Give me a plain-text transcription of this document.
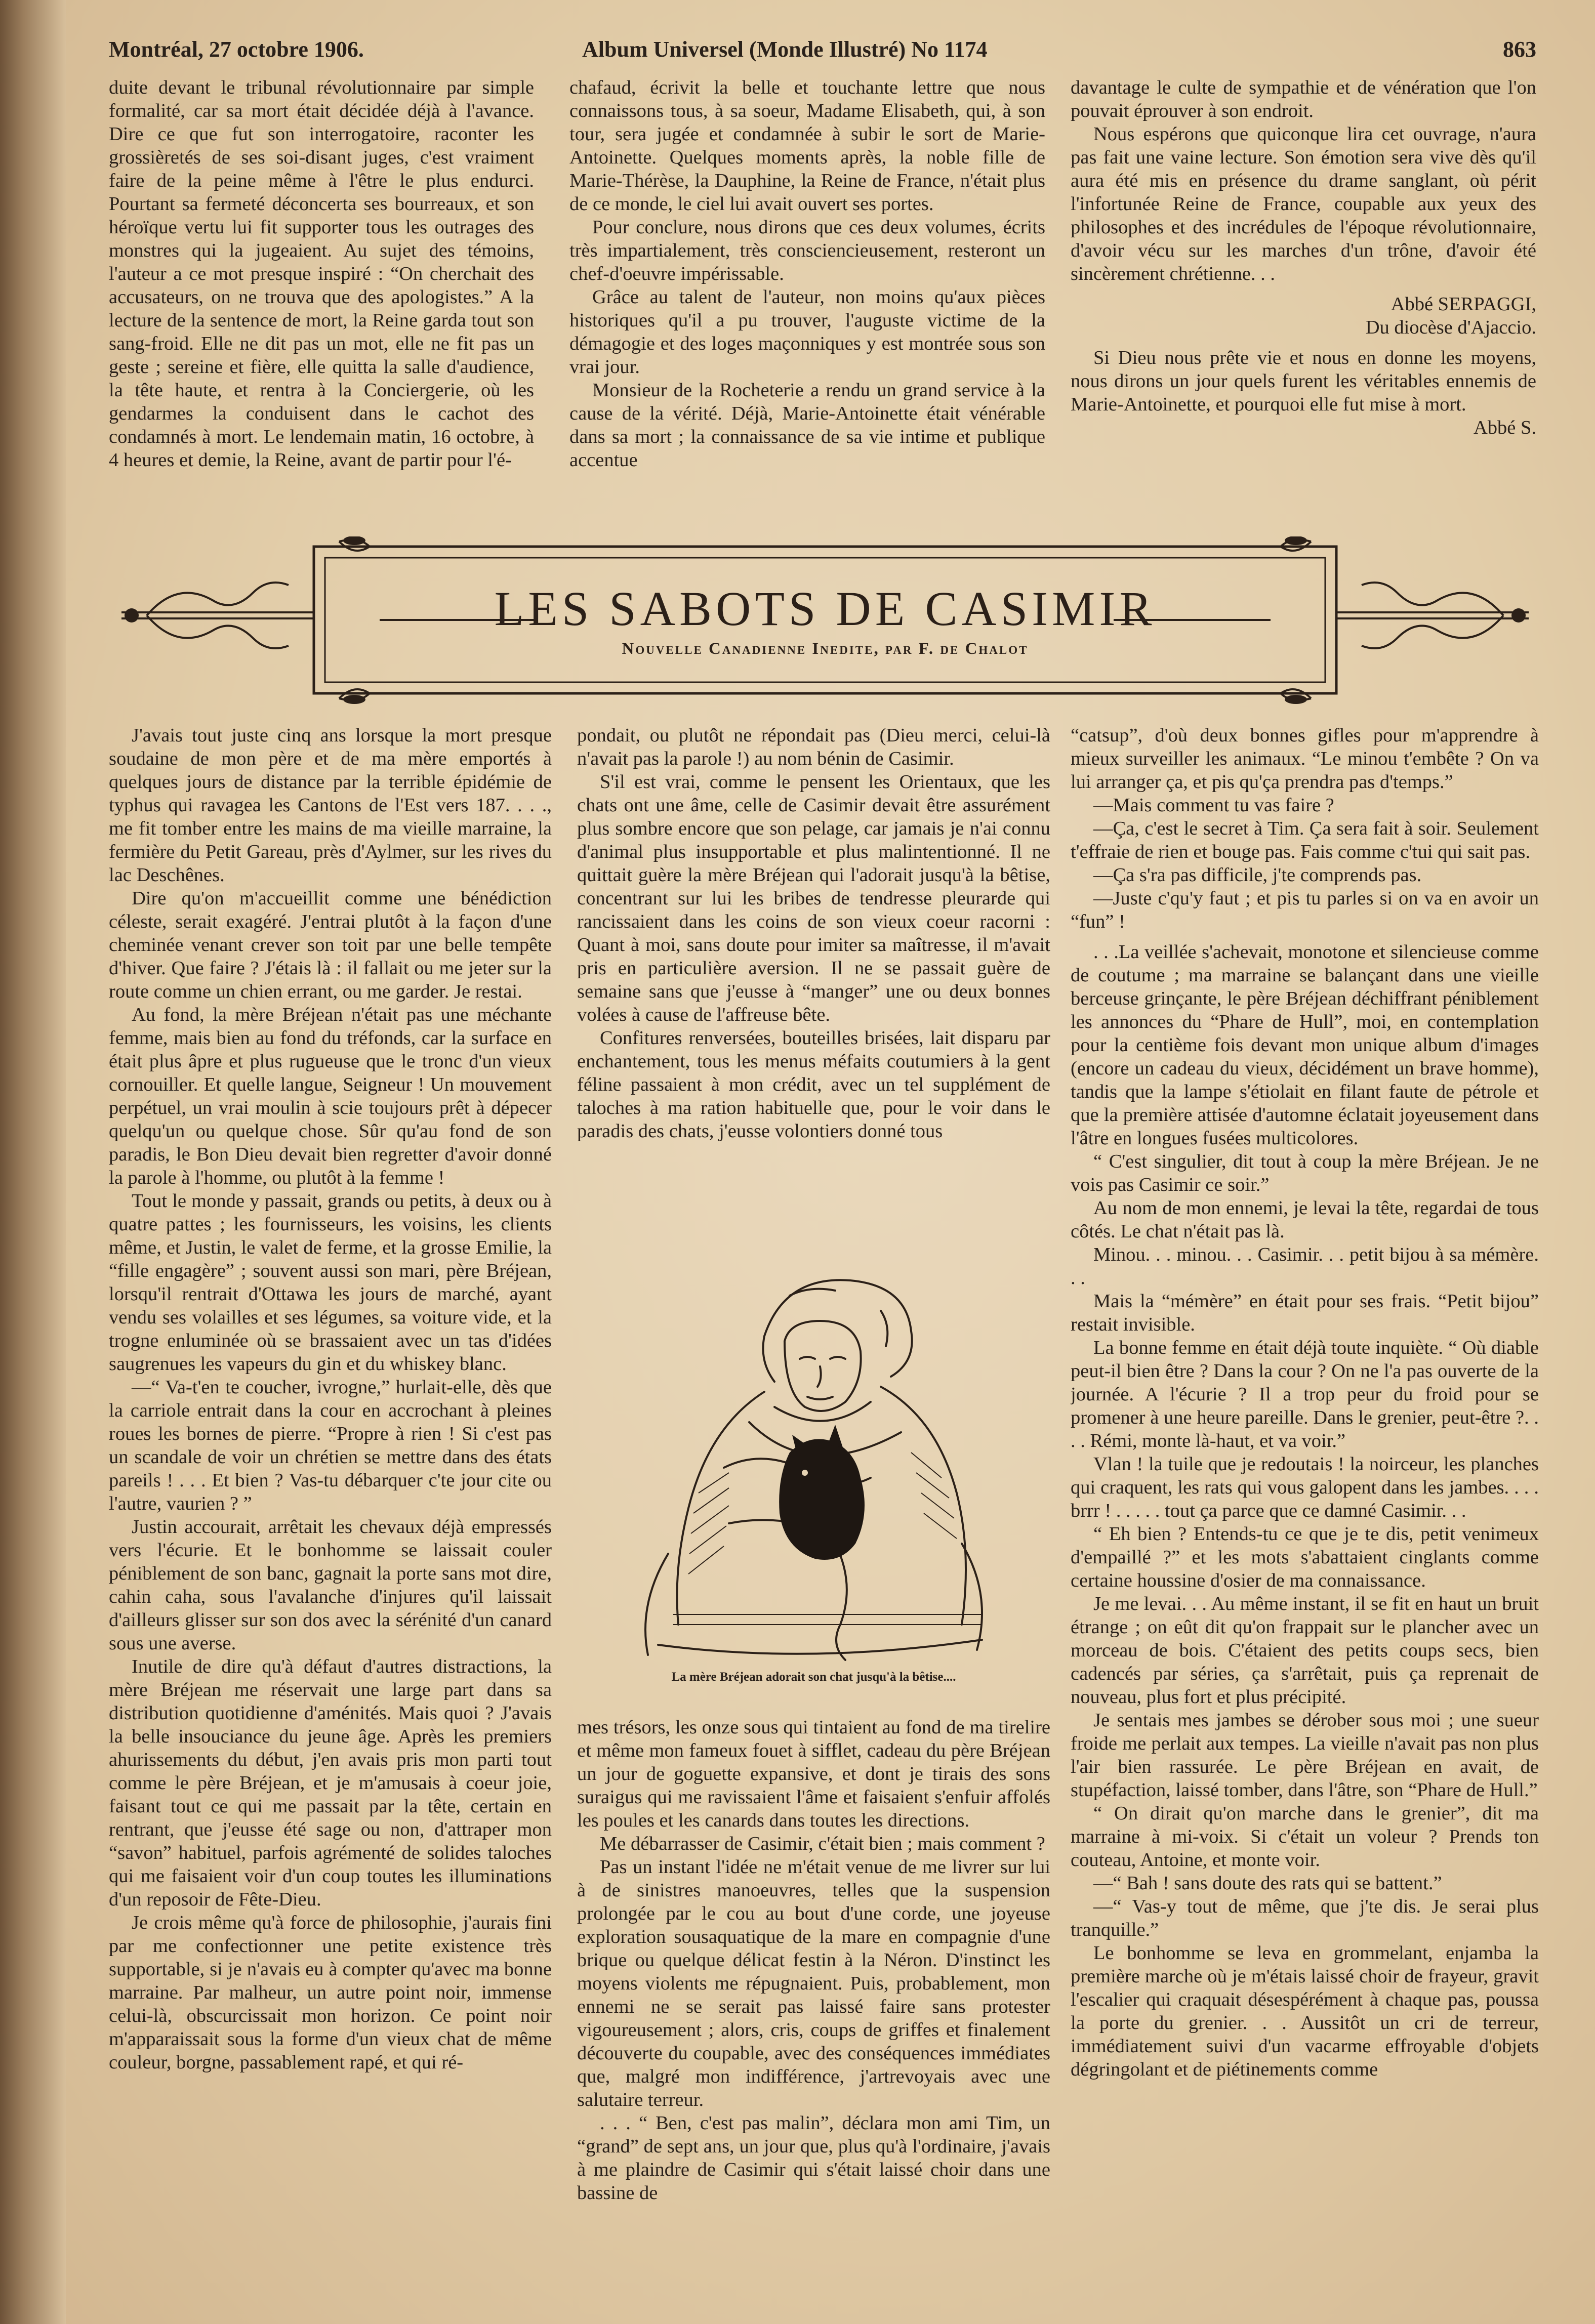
Montréal, 27 octobre 1906.	Album Universel (Monde Illustré) No 1174	863

duite devant le tribunal révolutionnaire par simple formalité, car sa mort était décidée déjà à l'avance. Dire ce que fut son interrogatoire, raconter les grossièretés de ses soi-disant juges, c'est vraiment faire de la peine même à l'être le plus endurci. Pourtant sa fermeté déconcerta ses bourreaux, et son héroïque vertu lui fit supporter tous les outrages des monstres qui la jugeaient. Au sujet des témoins, l'auteur a ce mot presque inspiré : “On cherchait des accusateurs, on ne trouva que des apologistes.” A la lecture de la sentence de mort, la Reine garda tout son sang-froid. Elle ne dit pas un mot, elle ne fit pas un geste ; sereine et fière, elle quitta la salle d'audience, la tête haute, et rentra à la Conciergerie, où les gendarmes la conduisent dans le cachot des condamnés à mort. Le lendemain matin, 16 octobre, à 4 heures et demie, la Reine, avant de partir pour l'é-

chafaud, écrivit la belle et touchante lettre que nous connaissons tous, à sa soeur, Madame Elisabeth, qui, à son tour, sera jugée et condamnée à subir le sort de Marie-Antoinette. Quelques moments après, la noble fille de Marie-Thérèse, la Dauphine, la Reine de France, n'était plus de ce monde, le ciel lui avait ouvert ses portes.

Pour conclure, nous dirons que ces deux volumes, écrits très impartialement, très consciencieusement, resteront un chef-d'oeuvre impérissable.

Grâce au talent de l'auteur, non moins qu'aux pièces historiques qu'il a pu trouver, l'auguste victime de la démagogie et des loges maçonniques y est montrée sous son vrai jour.

Monsieur de la Rocheterie a rendu un grand service à la cause de la vérité. Déjà, Marie-Antoinette était vénérable dans sa mort ; la connaissance de sa vie intime et publique accentue

davantage le culte de sympathie et de vénération que l'on pouvait éprouver à son endroit.

Nous espérons que quiconque lira cet ouvrage, n'aura pas fait une vaine lecture. Son émotion sera vive dès qu'il aura été mis en présence du drame sanglant, où périt l'infortunée Reine de France, coupable aux yeux des philosophes et des incrédules de l'époque révolutionnaire, d'avoir vécu sur les marches d'un trône, d'avoir été sincèrement chrétienne. . .

Abbé SERPAGGI,

Du diocèse d'Ajaccio.

Si Dieu nous prête vie et nous en donne les moyens, nous dirons un jour quels furent les véritables ennemis de Marie-Antoinette, et pourquoi elle fut mise à mort.

Abbé S.

LES SABOTS DE CASIMIR
Nouvelle Canadienne Inedite, par F. de Chalot

J'avais tout juste cinq ans lorsque la mort presque soudaine de mon père et de ma mère emportés à quelques jours de distance par la terrible épidémie de typhus qui ravagea les Cantons de l'Est vers 187. . . ., me fit tomber entre les mains de ma vieille marraine, la fermière du Petit Gareau, près d'Aylmer, sur les rives du lac Deschênes.

Dire qu'on m'accueillit comme une bénédiction céleste, serait exagéré. J'entrai plutôt à la façon d'une cheminée venant crever son toit par une belle tempête d'hiver. Que faire ? J'étais là : il fallait ou me jeter sur la route comme un chien errant, ou me garder. Je restai.

Au fond, la mère Bréjean n'était pas une méchante femme, mais bien au fond du tréfonds, car la surface en était plus âpre et plus rugueuse que le tronc d'un vieux cornouiller. Et quelle langue, Seigneur ! Un mouvement perpétuel, un vrai moulin à scie toujours prêt à dépecer quelqu'un ou quelque chose. Sûr qu'au fond de son paradis, le Bon Dieu devait bien regretter d'avoir donné la parole à l'homme, ou plutôt à la femme !

Tout le monde y passait, grands ou petits, à deux ou à quatre pattes ; les fournisseurs, les voisins, les clients même, et Justin, le valet de ferme, et la grosse Emilie, la “fille engagère” ; souvent aussi son mari, père Bréjean, lorsqu'il rentrait d'Ottawa les jours de marché, ayant vendu ses volailles et ses légumes, sa voiture vide, et la trogne enluminée où se brassaient avec un tas d'idées saugrenues les vapeurs du gin et du whiskey blanc.

—“ Va-t'en te coucher, ivrogne,” hurlait-elle, dès que la carriole entrait dans la cour en accrochant à pleines roues les bornes de pierre. “Propre à rien ! Si c'est pas un scandale de voir un chrétien se mettre dans des états pareils ! . . . Et bien ? Vas-tu débarquer c'te jour cite ou l'autre, vaurien ? ”

Justin accourait, arrêtait les chevaux déjà empressés vers l'écurie. Et le bonhomme se laissait couler péniblement de son banc, gagnait la porte sans mot dire, cahin caha, sous l'avalanche d'injures qu'il laissait d'ailleurs glisser sur son dos avec la sérénité d'un canard sous une averse.

Inutile de dire qu'à défaut d'autres distractions, la mère Bréjean me réservait une large part dans sa distribution quotidienne d'aménités. Mais quoi ? J'avais la belle insouciance du jeune âge. Après les premiers ahurissements du début, j'en avais pris mon parti tout comme le père Bréjean, et je m'amusais à coeur joie, faisant tout ce qui me passait par la tête, certain en rentrant, que j'eusse été sage ou non, d'attraper mon “savon” habituel, parfois agrémenté de solides taloches qui me faisaient voir d'un coup toutes les illuminations d'un reposoir de Fête-Dieu.

Je crois même qu'à force de philosophie, j'aurais fini par me confectionner une petite existence très supportable, si je n'avais eu à compter qu'avec ma bonne marraine. Par malheur, un autre point noir, immense celui-là, obscurcissait mon horizon. Ce point noir m'apparaissait sous la forme d'un vieux chat de même couleur, borgne, passablement rapé, et qui ré-

pondait, ou plutôt ne répondait pas (Dieu merci, celui-là n'avait pas la parole !) au nom bénin de Casimir.

S'il est vrai, comme le pensent les Orientaux, que les chats ont une âme, celle de Casimir devait être assurément plus sombre encore que son pelage, car jamais je n'ai connu d'animal plus insupportable et plus malintentionné. Il ne quittait guère la mère Bréjean qui l'adorait jusqu'à la bêtise, concentrant sur lui les bribes de tendresse pleurarde qui rancissaient dans les coins de son vieux coeur racorni : Quant à moi, sans doute pour imiter sa maîtresse, il m'avait pris en particulière aversion. Il ne se passait guère de semaine sans que j'eusse à “manger” une ou deux bonnes volées à cause de l'affreuse bête.

Confitures renversées, bouteilles brisées, lait disparu par enchantement, tous les menus méfaits coutumiers à la gent féline passaient à mon crédit, avec un tel supplément de taloches à ma ration habituelle que, pour le voir dans le paradis des chats, j'eusse volontiers donné tous

La mère Bréjean adorait son chat jusqu'à la bêtise....

mes trésors, les onze sous qui tintaient au fond de ma tirelire et même mon fameux fouet à sifflet, cadeau du père Bréjean un jour de goguette expansive, et dont je tirais des sons suraigus qui me ravissaient l'âme et faisaient s'enfuir affolés les poules et les canards dans toutes les directions.

Me débarrasser de Casimir, c'était bien ; mais comment ?

Pas un instant l'idée ne m'était venue de me livrer sur lui à de sinistres manoeuvres, telles que la suspension prolongée par le cou au bout d'une corde, une joyeuse exploration sousaquatique de la mare en compagnie d'une brique ou quelque délicat festin à la Néron. D'instinct les moyens violents me répugnaient. Puis, probablement, mon ennemi ne se serait pas laissé faire sans protester vigoureusement ; alors, cris, coups de griffes et finalement découverte du coupable, avec des conséquences immédiates que, malgré mon indifférence, j'artrevoyais avec une salutaire terreur.

. . . “ Ben, c'est pas malin”, déclara mon ami Tim, un “grand” de sept ans, un jour que, plus qu'à l'ordinaire, j'avais à me plaindre de Casimir qui s'était laissé choir dans une bassine de

“catsup”, d'où deux bonnes gifles pour m'apprendre à mieux surveiller les animaux. “Le minou t'embête ? On va lui arranger ça, et pis qu'ça prendra pas d'temps.”

—Mais comment tu vas faire ?

—Ça, c'est le secret à Tim. Ça sera fait à soir. Seulement t'effraie de rien et bouge pas. Fais comme c'tui qui sait pas.

—Ça s'ra pas difficile, j'te comprends pas.

—Juste c'qu'y faut ; et pis tu parles si on va en avoir un “fun” !

. . .La veillée s'achevait, monotone et silencieuse comme de coutume ; ma marraine se balançant dans une vieille berceuse grinçante, le père Bréjean déchiffrant péniblement les annonces du “Phare de Hull”, moi, en contemplation pour la centième fois devant mon unique album d'images (encore un cadeau du vieux, décidément un brave homme), tandis que la lampe s'étiolait en filant faute de pétrole et que la première attisée d'automne éclatait joyeusement dans l'âtre en longues fusées multicolores.

“ C'est singulier, dit tout à coup la mère Bréjean. Je ne vois pas Casimir ce soir.”

Au nom de mon ennemi, je levai la tête, regardai de tous côtés. Le chat n'était pas là.

Minou. . . minou. . . Casimir. . . petit bijou à sa mémère. . .

Mais la “mémère” en était pour ses frais. “Petit bijou” restait invisible.

La bonne femme en était déjà toute inquiète. “ Où diable peut-il bien être ? Dans la cour ? On ne l'a pas ouverte de la journée. A l'écurie ? Il a trop peur du froid pour se promener à une heure pareille. Dans le grenier, peut-être ?. . . . Rémi, monte là-haut, et va voir.”

Vlan ! la tuile que je redoutais ! la noirceur, les planches qui craquent, les rats qui vous galopent dans les jambes. . . . brrr ! . . . . . tout ça parce que ce damné Casimir. . .

“ Eh bien ? Entends-tu ce que je te dis, petit venimeux d'empaillé ?” et les mots s'abattaient cinglants comme certaine houssine d'osier de ma connaissance.

Je me levai. . . Au même instant, il se fit en haut un bruit étrange ; on eût dit qu'on frappait sur le plancher avec un morceau de bois. C'étaient des petits coups secs, bien cadencés par séries, ça s'arrêtait, puis ça reprenait de nouveau, plus fort et plus précipité.

Je sentais mes jambes se dérober sous moi ; une sueur froide me perlait aux tempes. La vieille n'avait pas non plus l'air bien rassurée. Le père Bréjean en avait, de stupéfaction, laissé tomber, dans l'âtre, son “Phare de Hull.”

“ On dirait qu'on marche dans le grenier”, dit ma marraine à mi-voix. Si c'était un voleur ? Prends ton couteau, Antoine, et monte voir.

—“ Bah ! sans doute des rats qui se battent.”

—“ Vas-y tout de même, que j'te dis. Je serai plus tranquille.”

Le bonhomme se leva en grommelant, enjamba la première marche où je m'étais laissé choir de frayeur, gravit l'escalier qui craquait désespérément à chaque pas, poussa la porte du grenier. . . Aussitôt un cri de terreur, immédiatement suivi d'un vacarme effroyable d'objets dégringolant et de piétinements comme
